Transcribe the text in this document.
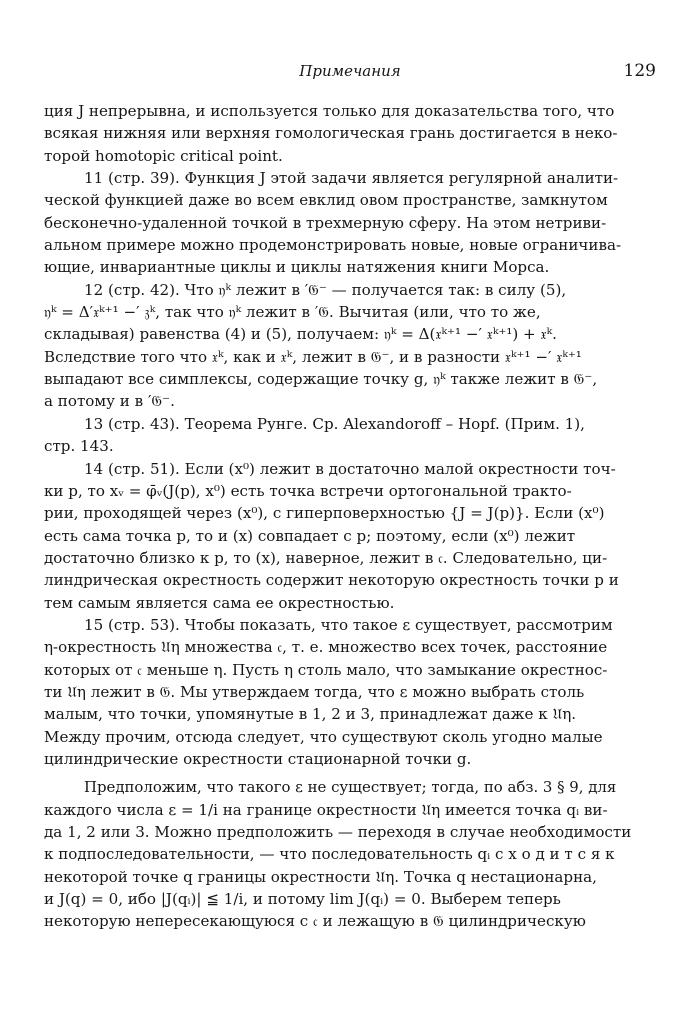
Примечания	129
ция J непрерывна, и используется только для доказательства того, что
всякая нижняя или верхняя гомологическая грань достигается в неко-
торой homotopic critical point.
11 (стр. 39). Функция J этой задачи является регулярной аналити-
ческой функцией даже во всем евклид овом пространстве, замкнутом
бесконечно-удаленной точкой в трехмерную сферу. На этом нетриви-
альном примере можно продемонстрировать новые, новые ограничива-
ющие, инвариантные циклы и циклы натяжения книги Морса.
12 (стр. 42). Что 𝔶ᵏ лежит в ′𝔊⁻ — получается так: в силу (5),
𝔶ᵏ = Δ′𝔵ᵏ⁺¹ −′ 𝔷ᵏ, так что 𝔶ᵏ лежит в ′𝔊. Вычитая (или, что то же,
складывая) равенства (4) и (5), получаем: 𝔶ᵏ = Δ(𝔵ᵏ⁺¹ −′ 𝔵ᵏ⁺¹) + 𝔵ᵏ.
Вследствие того что 𝔵ᵏ, как и 𝔵ᵏ, лежит в 𝔊⁻, и в разности 𝔵ᵏ⁺¹ −′ 𝔵ᵏ⁺¹
выпадают все симплексы, содержащие точку g, 𝔶ᵏ также лежит в 𝔊⁻,
а потому и в ′𝔊⁻.
13 (стр. 43). Теорема Рунге. Ср. Alexandoroff – Hopf. (Прим. 1),
стр. 143.
14 (стр. 51). Если (x⁰) лежит в достаточно малой окрестности точ-
ки p, то xᵥ = φ̄ᵥ(J(p), x⁰) есть точка встречи ортогональной тракто-
рии, проходящей через (x⁰), с гиперповерхностью {J = J(p)}. Если (x⁰)
есть сама точка p, то и (x) совпадает с p; поэтому, если (x⁰) лежит
достаточно близко к p, то (x), наверное, лежит в 𝔠. Следовательно, ци-
линдрическая окрестность содержит некоторую окрестность точки p и
тем самым является сама ее окрестностью.
15 (стр. 53). Чтобы показать, что такое ε существует, рассмотрим
η-окрестность 𝔘η множества 𝔠, т. е. множество всех точек, расстояние
которых от 𝔠 меньше η. Пусть η столь мало, что замыкание окрестнос-
ти 𝔘η лежит в 𝔊. Мы утверждаем тогда, что ε можно выбрать столь
малым, что точки, упомянутые в 1, 2 и 3, принадлежат даже к 𝔘η.
Между прочим, отсюда следует, что существуют сколь угодно малые
цилиндрические окрестности стационарной точки g.
Предположим, что такого ε не существует; тогда, по абз. 3 § 9, для
каждого числа ε = 1/i на границе окрестности 𝔘η имеется точка qᵢ ви-
да 1, 2 или 3. Можно предположить — переходя в случае необходимости
к подпоследовательности, — что последовательность qᵢ с х о д и т с я к
некоторой точке q границы окрестности 𝔘η. Точка q нестационарна,
и J(q) = 0, ибо |J(qᵢ)| ≦ 1/i, и потому lim J(qᵢ) = 0. Выберем теперь
некоторую непересекающуюся с 𝔠 и лежащую в 𝔊 цилиндрическую
